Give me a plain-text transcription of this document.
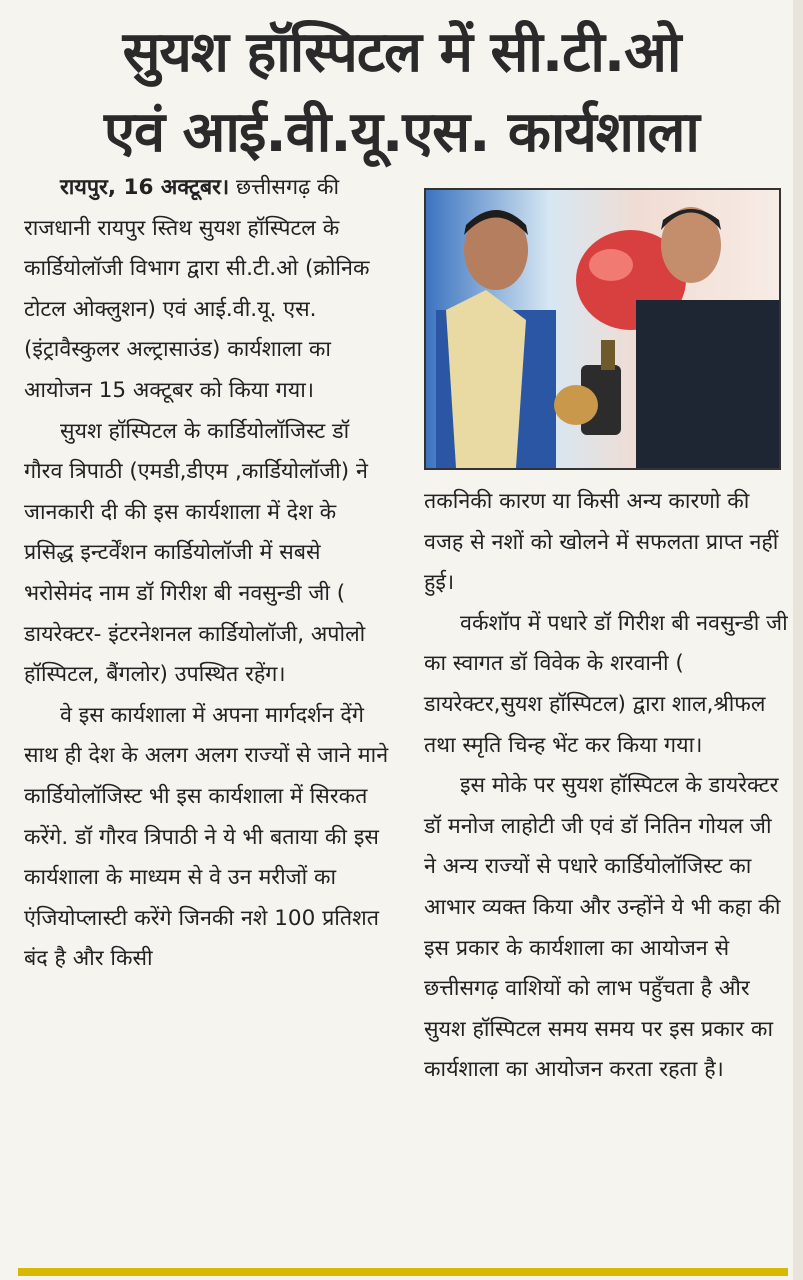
सुयश हॉस्पिटल में सी.टी.ओ
एवं आई.वी.यू.एस. कार्यशाला

रायपुर, 16 अक्टूबर। छत्तीसगढ़ की राजधानी रायपुर स्तिथ सुयश हॉस्पिटल के कार्डियोलॉजी विभाग द्वारा सी.टी.ओ (क्रोनिक टोटल ओक्लुशन) एवं आई.वी.यू. एस. (इंट्रावैस्कुलर अल्ट्रासाउंड) कार्यशाला का आयोजन 15 अक्टूबर को किया गया।

सुयश हॉस्पिटल के कार्डियोलॉजिस्ट डॉ गौरव त्रिपाठी (एमडी,डीएम ,कार्डियोलॉजी) ने जानकारी दी की इस कार्यशाला में देश के प्रसिद्ध इन्टर्वेंशन कार्डियोलॉजी में सबसे भरोसेमंद नाम डॉ गिरीश बी नवसुन्डी जी ( डायरेक्टर- इंटरनेशनल कार्डियोलॉजी, अपोलो हॉस्पिटल, बैंगलोर) उपस्थित रहेंग।

वे इस कार्यशाला में अपना मार्गदर्शन देंगे साथ ही देश के अलग अलग राज्यों से जाने माने कार्डियोलॉजिस्ट भी इस कार्यशाला में सिरकत करेंगे. डॉ गौरव त्रिपाठी ने ये भी बताया की इस कार्यशाला के माध्यम से वे उन मरीजों का एंजियोप्लास्टी करेंगे जिनकी नशे 100 प्रतिशत बंद है और किसी

तकनिकी कारण या किसी अन्य कारणो की वजह से नशों को खोलने में सफलता प्राप्त नहीं हुई।

वर्कशॉप में पधारे डॉ गिरीश बी नवसुन्डी जी का स्वागत डॉ विवेक के शरवानी ( डायरेक्टर,सुयश हॉस्पिटल) द्वारा शाल,श्रीफल तथा स्मृति चिन्ह भेंट कर किया गया।

इस मोके पर सुयश हॉस्पिटल के डायरेक्टर डॉ मनोज लाहोटी जी एवं डॉ नितिन गोयल जी ने अन्य राज्यों से पधारे कार्डियोलॉजिस्ट का आभार व्यक्त किया और उन्होंने ये भी कहा की इस प्रकार के कार्यशाला का आयोजन से छत्तीसगढ़ वाशियों को लाभ पहुँचता है और सुयश हॉस्पिटल समय समय पर इस प्रकार का कार्यशाला का आयोजन करता रहता है।
